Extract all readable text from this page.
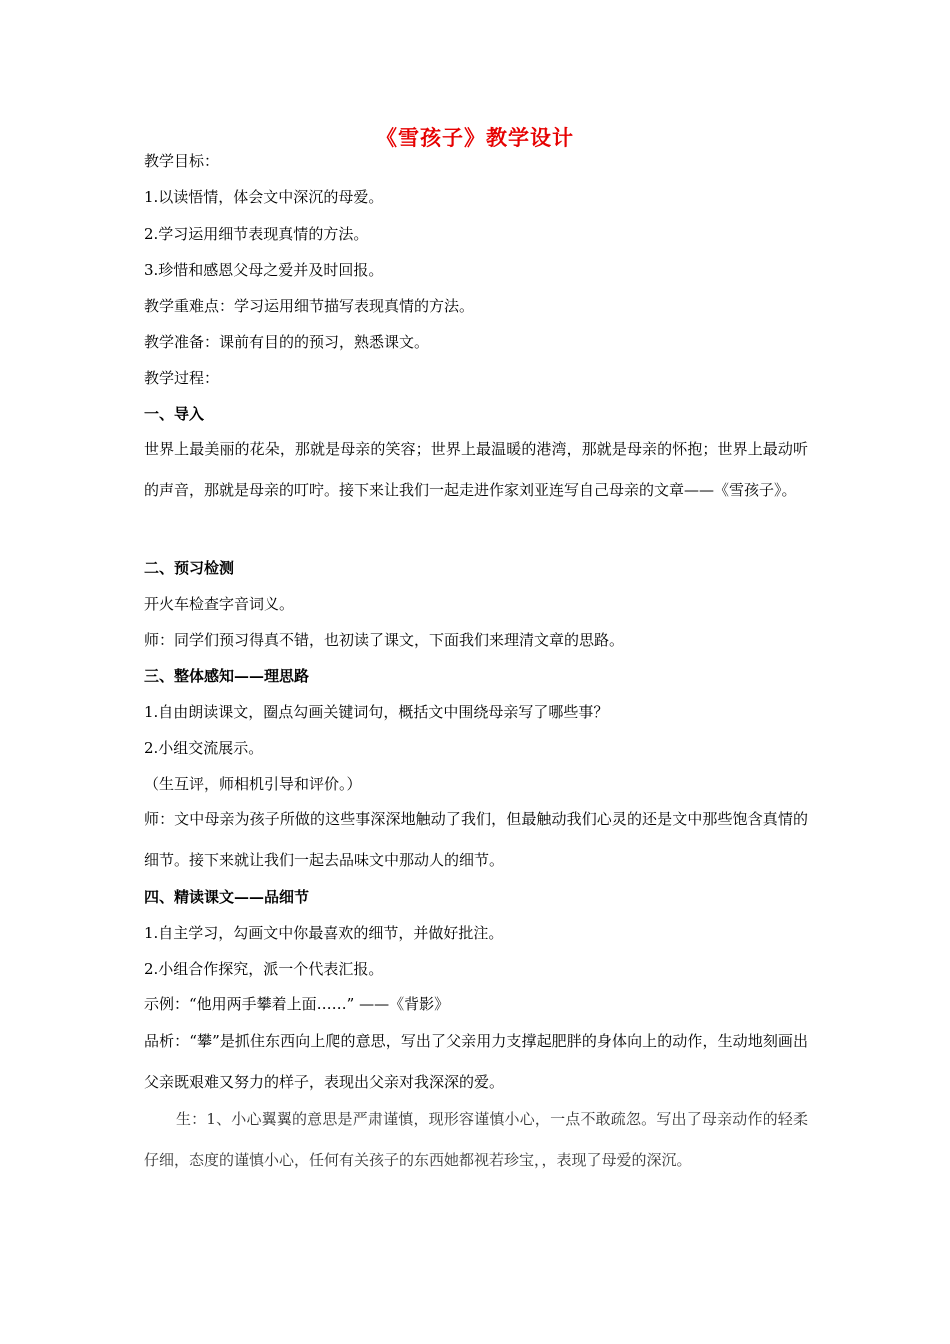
《雪孩子》教学设计
教学目标：
1.以读悟情，体会文中深沉的母爱。
2.学习运用细节表现真情的方法。
3.珍惜和感恩父母之爱并及时回报。
教学重难点：学习运用细节描写表现真情的方法。
教学准备：课前有目的的预习，熟悉课文。
教学过程：
一、导入
世界上最美丽的花朵，那就是母亲的笑容；世界上最温暖的港湾，那就是母亲的怀抱；世界上最动听的声音，那就是母亲的叮咛。接下来让我们一起走进作家刘亚连写自己母亲的文章——《雪孩子》。
二、预习检测
开火车检查字音词义。
师：同学们预习得真不错，也初读了课文，下面我们来理清文章的思路。
三、整体感知——理思路
1.自由朗读课文，圈点勾画关键词句，概括文中围绕母亲写了哪些事？
2.小组交流展示。
（生互评，师相机引导和评价。）
师：文中母亲为孩子所做的这些事深深地触动了我们，但最触动我们心灵的还是文中那些饱含真情的细节。接下来就让我们一起去品味文中那动人的细节。
四、精读课文——品细节
1.自主学习，勾画文中你最喜欢的细节，并做好批注。
2.小组合作探究，派一个代表汇报。
示例：“他用两手攀着上面……” ——《背影》
品析：“攀”是抓住东西向上爬的意思，写出了父亲用力支撑起肥胖的身体向上的动作，生动地刻画出父亲既艰难又努力的样子，表现出父亲对我深深的爱。
生：1、小心翼翼的意思是严肃谨慎，现形容谨慎小心，一点不敢疏忽。写出了母亲动作的轻柔仔细，态度的谨慎小心，任何有关孩子的东西她都视若珍宝，，表现了母爱的深沉。
